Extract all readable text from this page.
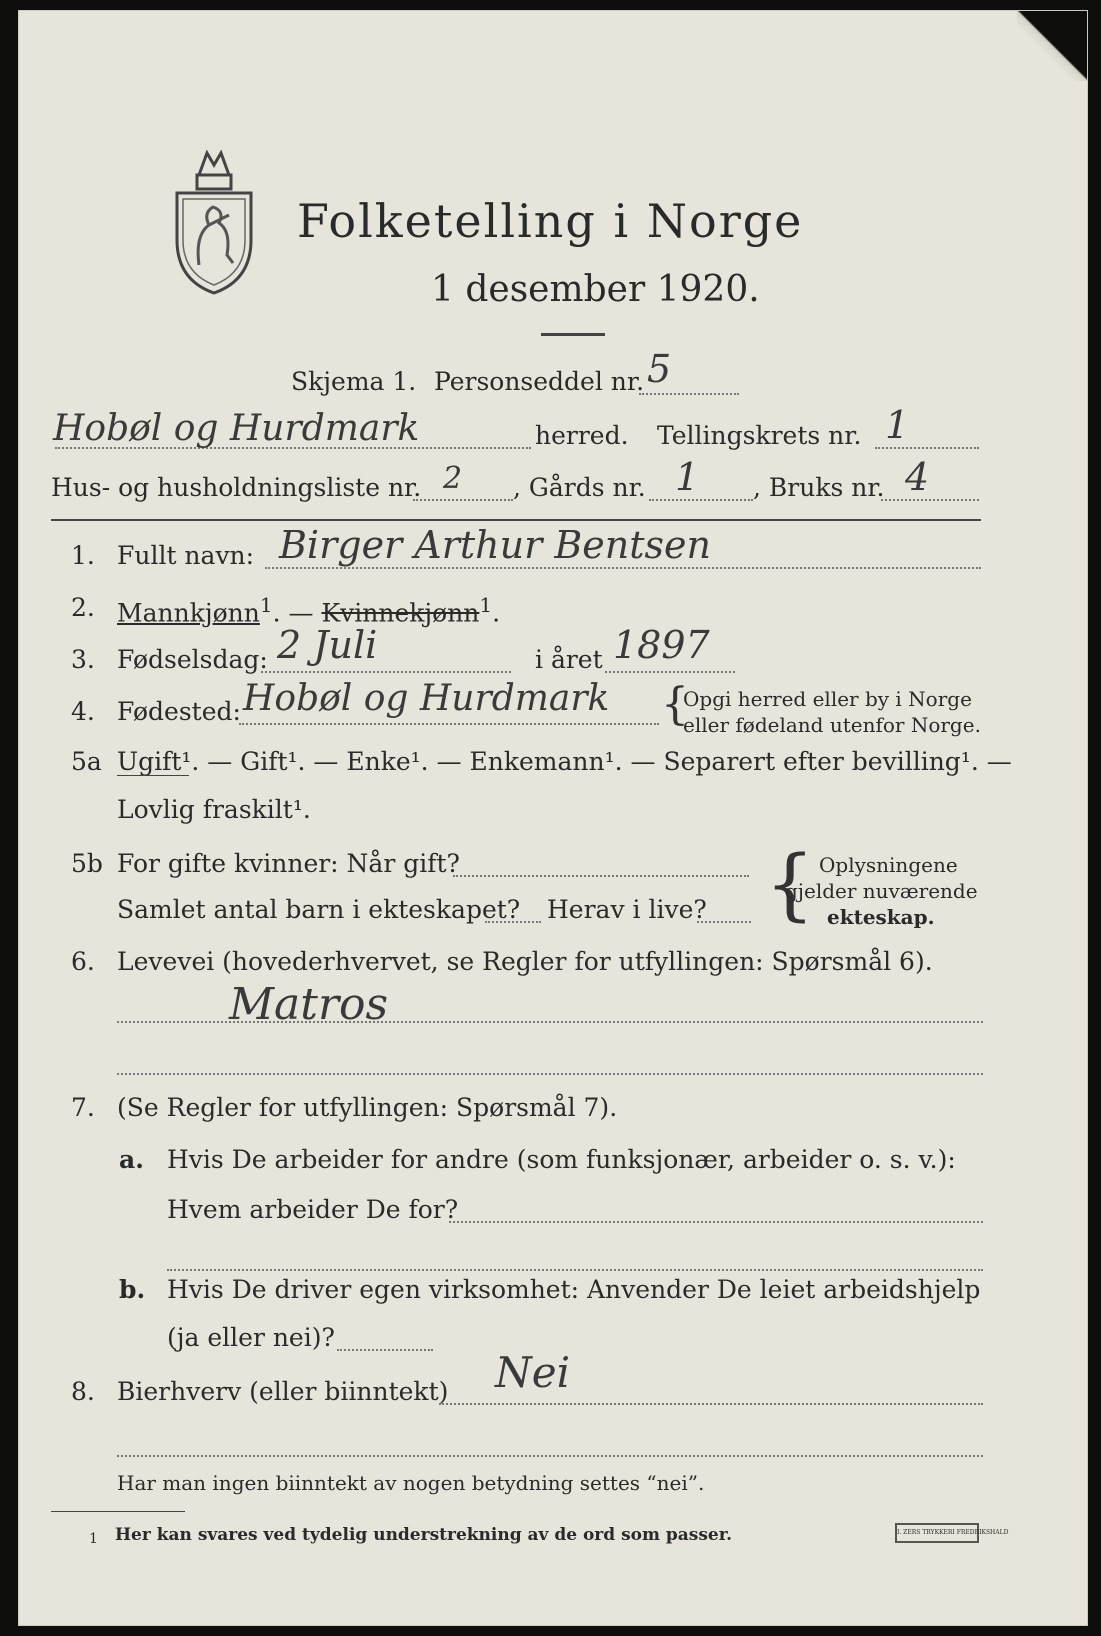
Folketelling i Norge
1 desember 1920.
Skjema 1. Personseddel nr. 5
Hobøl og Hurdmark	herred. Tellingskrets nr. 1
Hus- og husholdningsliste nr. 2 , Gårds nr. 1 , Bruks nr. 4
1. Fullt navn: Birger Arthur Bentsen
2. Mannkjønn$^1$. — Kvinnekjønn$^1$.
3. Fødselsdag: 2 Juli	i året 1897
4. Fødested: Hobøl og Hurdmark {
Opgi herred eller by i Norge
eller fødeland utenfor Norge.
5a Ugift¹. — Gift¹. — Enke¹. — Enkemann¹. — Separert efter bevilling¹. —
Lovlig fraskilt¹.
5b For gifte kvinner: Når gift?
Samlet antal barn i ekteskapet? Herav i live? { Oplysningene
gjelder nuværende
ekteskap.
6. Levevei (hovederhvervet, se Regler for utfyllingen: Spørsmål 6).
Matros
7. (Se Regler for utfyllingen: Spørsmål 7).
a. Hvis De arbeider for andre (som funksjonær, arbeider o. s. v.):
Hvem arbeider De for?
b. Hvis De driver egen virksomhet: Anvender De leiet arbeidshjelp
(ja eller nei)?
8. Bierhverv (eller biinntekt) Nei
Har man ingen biinntekt av nogen betydning settes “nei”.
1 Her kan svares ved tydelig understrekning av de ord som passer.	I. ZERS TRYKKERI FREDRIKSHALD
